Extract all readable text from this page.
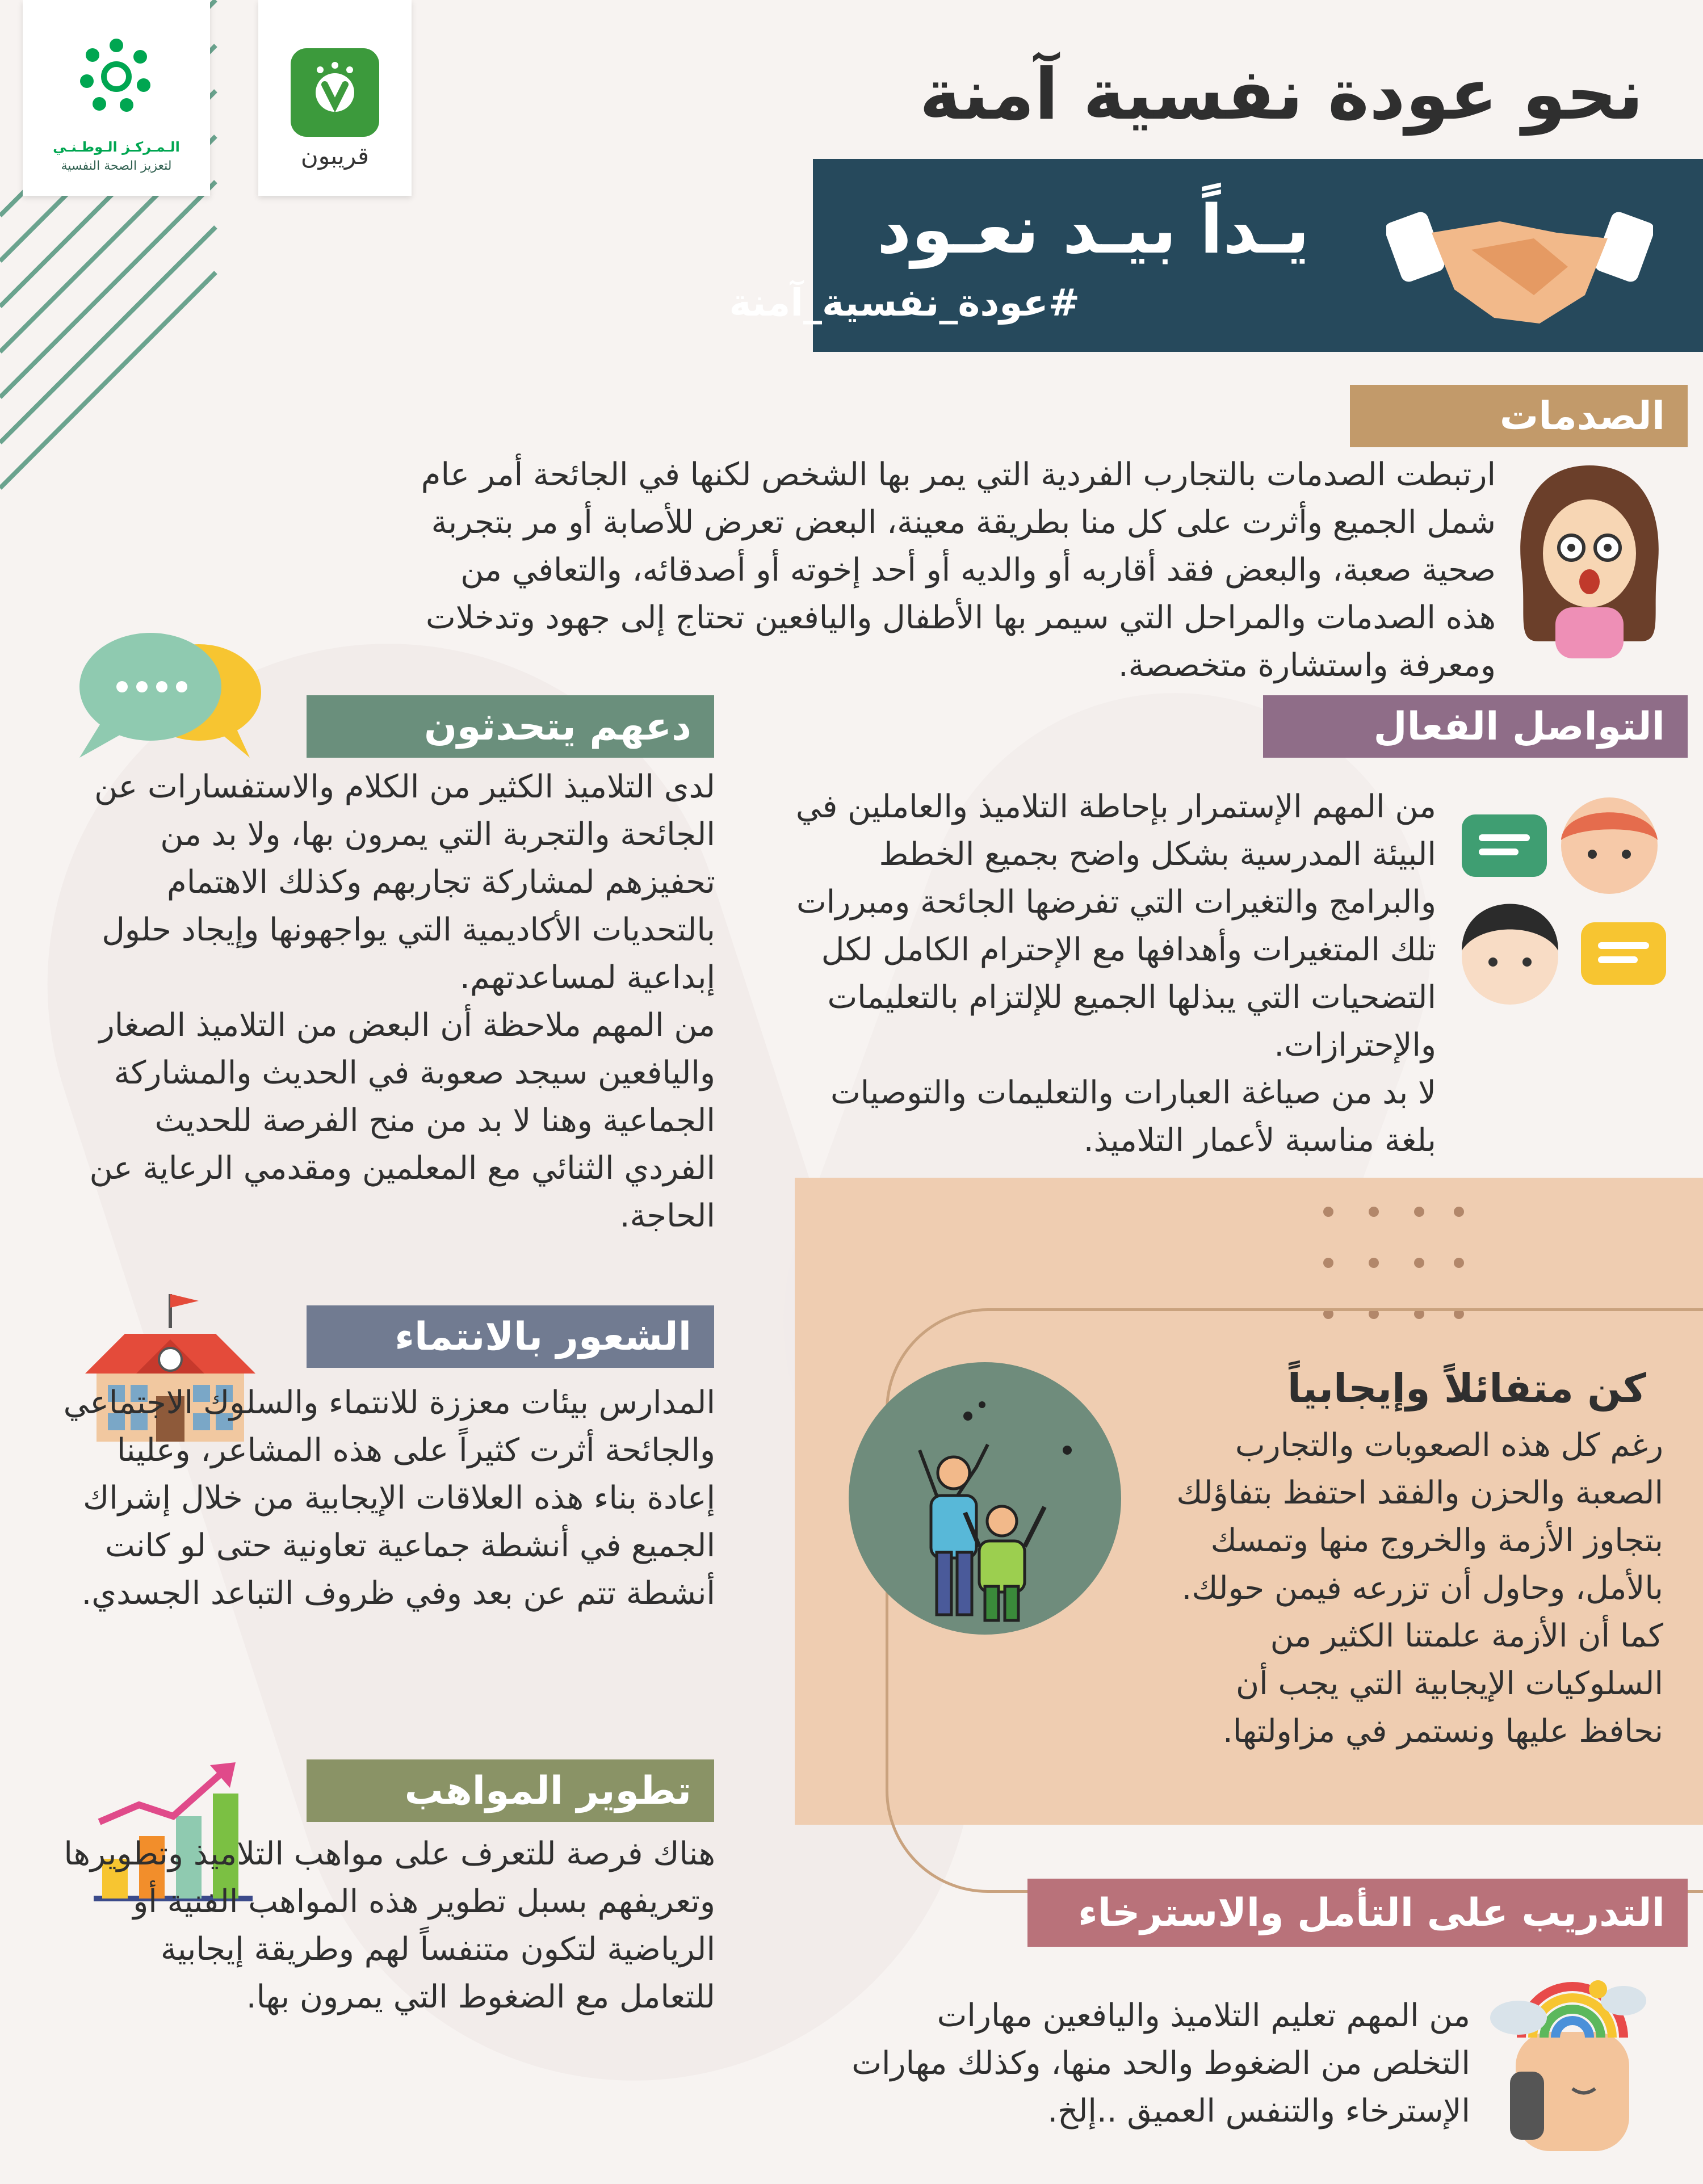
الـمـركـز الـوطـنـي
لتعزيز الصحة النفسية	قريبون
نحو عودة نفسية آمنة
يـداً بيـد نعـود
#عودة_نفسية_آمنة
الصدمات
ارتبطت الصدمات بالتجارب الفردية التي يمر بها الشخص لكنها في الجائحة أمر عام شمل الجميع وأثرت على كل منا بطريقة معينة، البعض تعرض للأصابة أو مر بتجربة صحية صعبة، والبعض فقد أقاربه أو والديه أو أحد إخوته أو أصدقائه، والتعافي من هذه الصدمات والمراحل التي سيمر بها الأطفال واليافعين تحتاج إلى جهود وتدخلات ومعرفة واستشارة متخصصة.
التواصل الفعال

من المهم الإستمرار بإحاطة التلاميذ والعاملين في البيئة المدرسية بشكل واضح بجميع الخطط والبرامج والتغيرات التي تفرضها الجائحة ومبررات تلك المتغيرات وأهدافها مع الإحترام الكامل لكل التضحيات التي يبذلها الجميع للإلتزام بالتعليمات والإحترازات.

لا بد من صياغة العبارات والتعليمات والتوصيات بلغة مناسبة لأعمار التلاميذ.

دعهم يتحدثون

لدى التلاميذ الكثير من الكلام والاستفسارات عن الجائحة والتجربة التي يمرون بها، ولا بد من تحفيزهم لمشاركة تجاربهم وكذلك الاهتمام بالتحديات الأكاديمية التي يواجهونها وإيجاد حلول إبداعية لمساعدتهم.

من المهم ملاحظة أن البعض من التلاميذ الصغار واليافعين سيجد صعوبة في الحديث والمشاركة الجماعية وهنا لا بد من منح الفرصة للحديث الفردي الثنائي مع المعلمين ومقدمي الرعاية عن الحاجة.

كن متفائلاً وإيجابياً

رغم كل هذه الصعوبات والتجارب الصعبة والحزن والفقد احتفظ بتفاؤلك بتجاوز الأزمة والخروج منها وتمسك بالأمل، وحاول أن تزرعه فيمن حولك.

كما أن الأزمة علمتنا الكثير من السلوكيات الإيجابية التي يجب أن نحافظ عليها ونستمر في مزاولتها.

الشعور بالانتماء
المدارس بيئات معززة للانتماء والسلوك الاجتماعي والجائحة أثرت كثيراً على هذه المشاعر، وعلينا إعادة بناء هذه العلاقات الإيجابية من خلال إشراك الجميع في أنشطة جماعية تعاونية حتى لو كانت أنشطة تتم عن بعد وفي ظروف التباعد الجسدي.
تطوير المواهب
هناك فرصة للتعرف على مواهب التلاميذ وتطويرها وتعريفهم بسبل تطوير هذه المواهب الفنية أو الرياضية لتكون متنفساً لهم وطريقة إيجابية للتعامل مع الضغوط التي يمرون بها.
التدريب على التأمل والاسترخاء
من المهم تعليم التلاميذ واليافعين مهارات التخلص من الضغوط والحد منها، وكذلك مهارات الإسترخاء والتنفس العميق ..إلخ.
